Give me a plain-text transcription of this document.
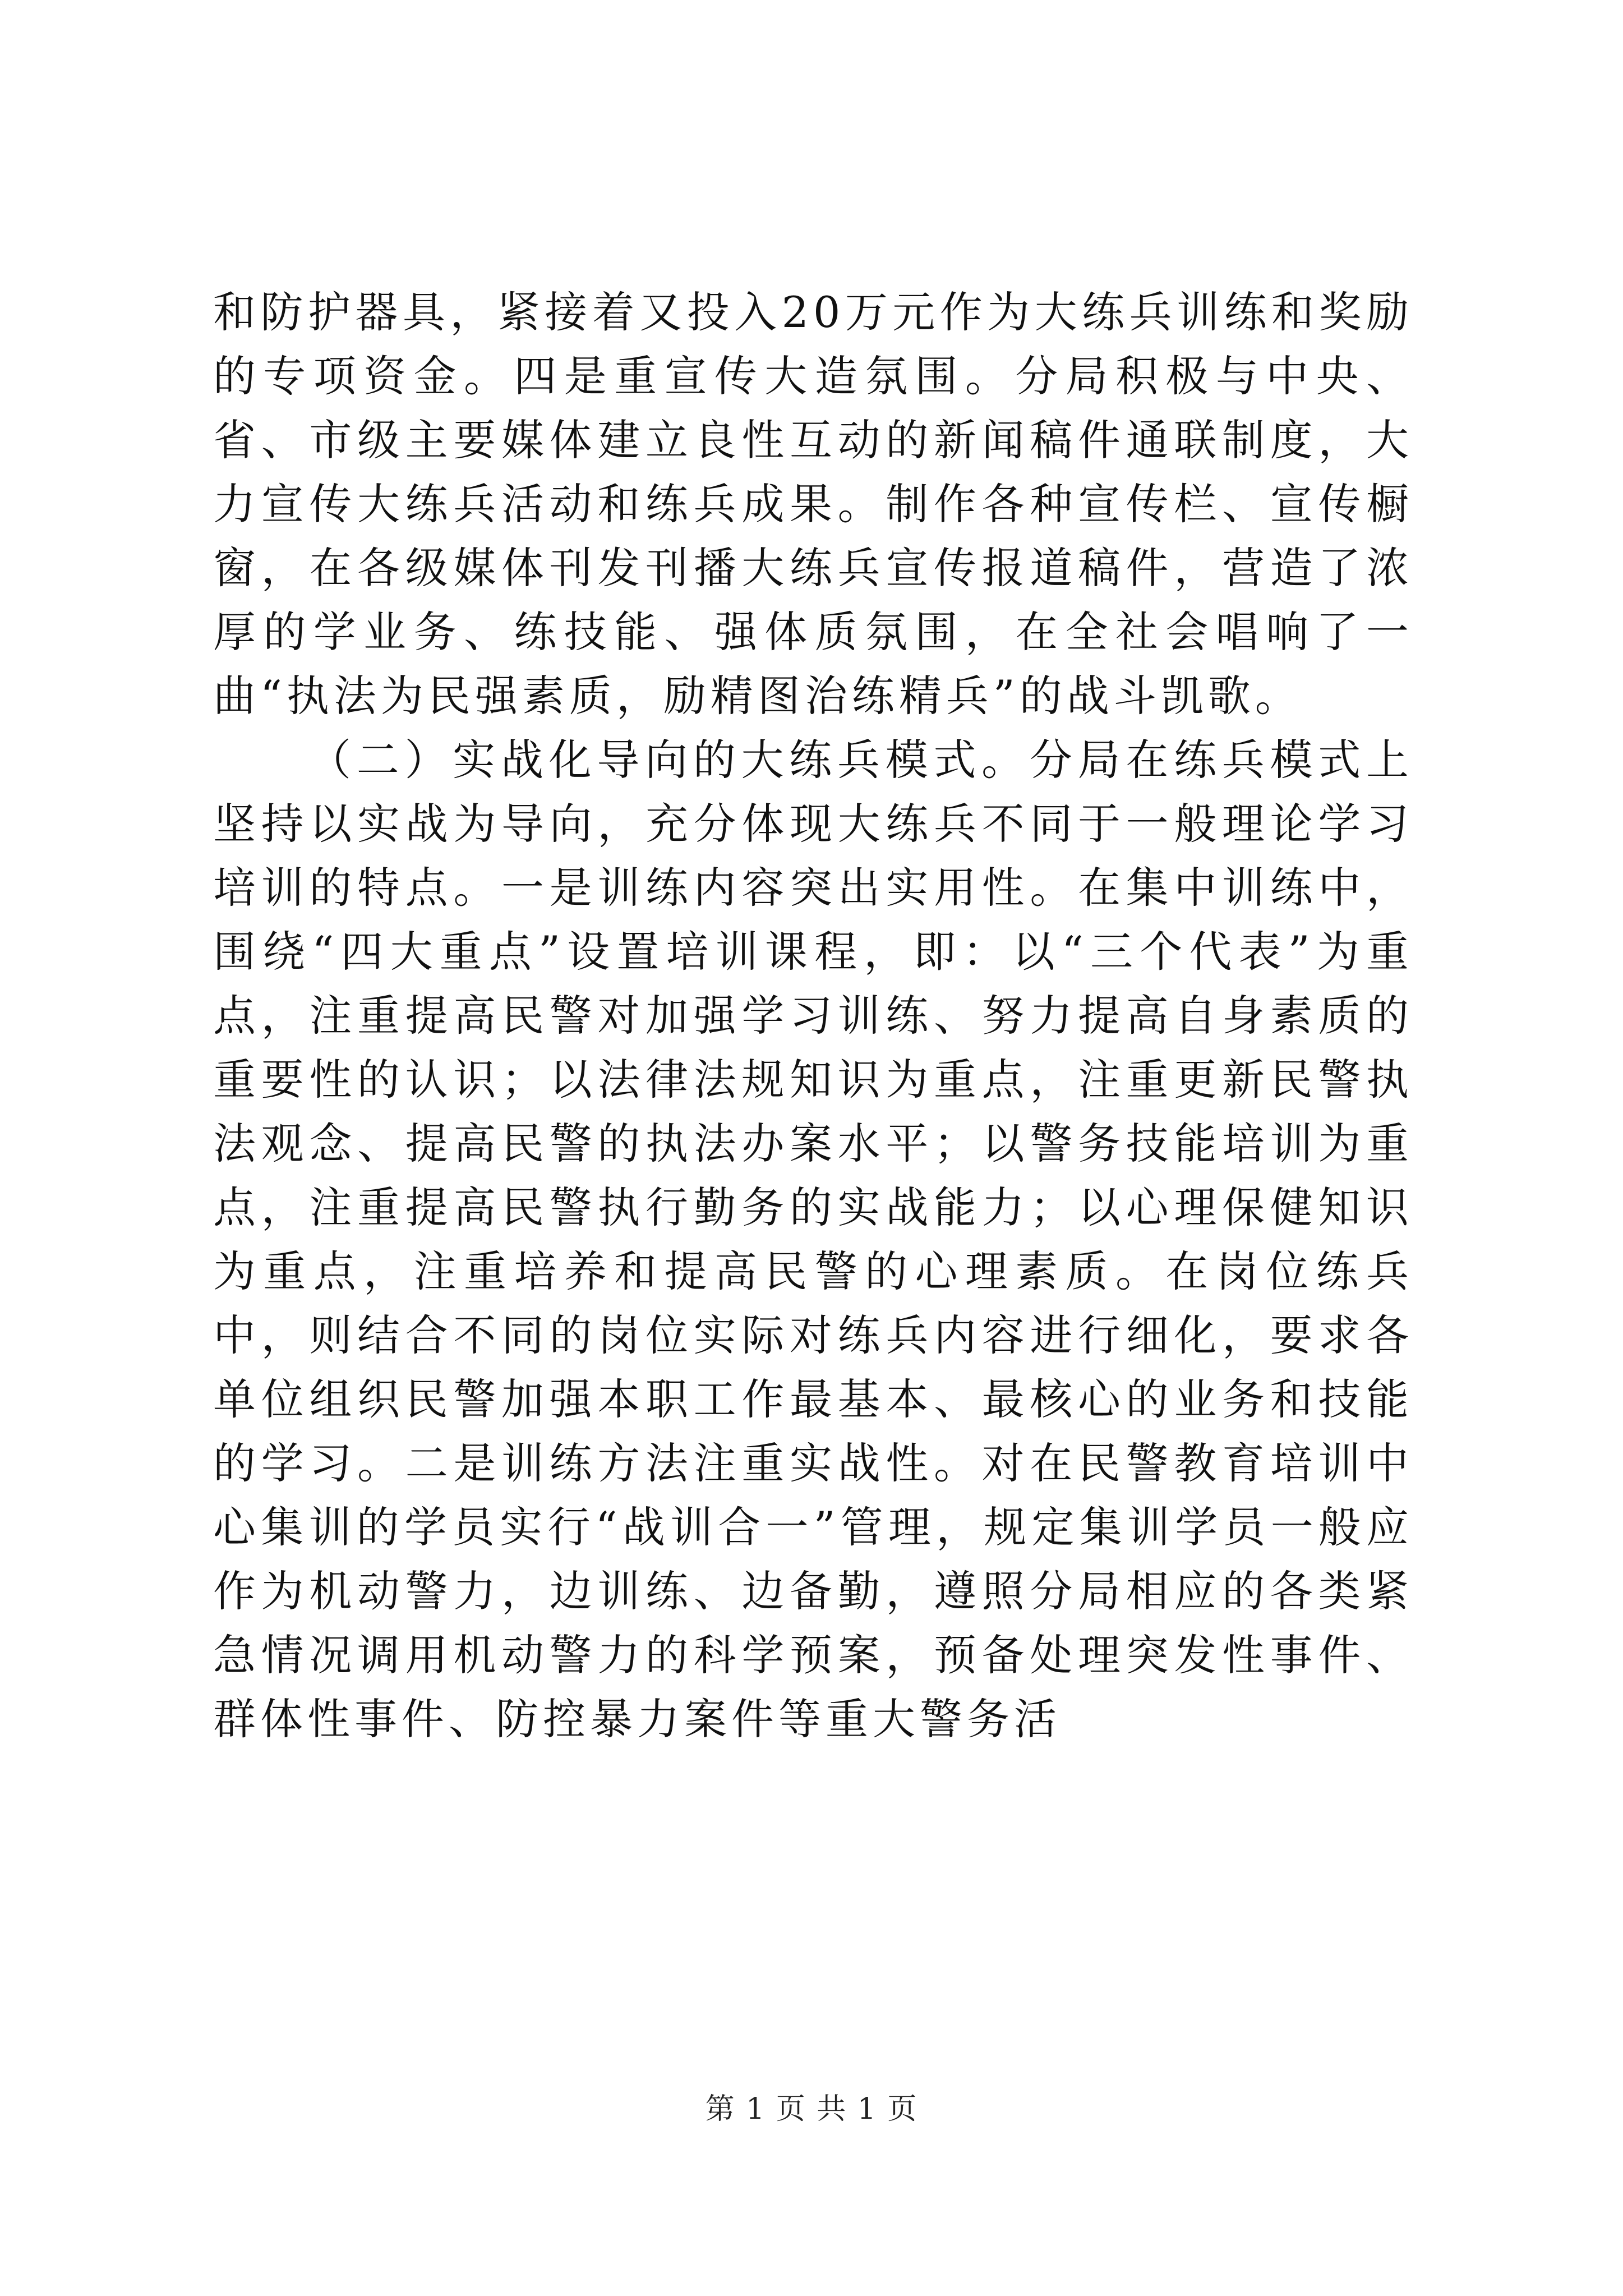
和防护器具，紧接着又投入20万元作为大练兵训练和奖励的专项资金。四是重宣传大造氛围。分局积极与中央、省、市级主要媒体建立良性互动的新闻稿件通联制度，大力宣传大练兵活动和练兵成果。制作各种宣传栏、宣传橱窗，在各级媒体刊发刊播大练兵宣传报道稿件，营造了浓厚的学业务、练技能、强体质氛围，在全社会唱响了一曲“执法为民强素质，励精图治练精兵”的战斗凯歌。

（二）实战化导向的大练兵模式。分局在练兵模式上坚持以实战为导向，充分体现大练兵不同于一般理论学习培训的特点。一是训练内容突出实用性。在集中训练中，围绕“四大重点”设置培训课程，即：以“三个代表”为重点，注重提高民警对加强学习训练、努力提高自身素质的重要性的认识；以法律法规知识为重点，注重更新民警执法观念、提高民警的执法办案水平；以警务技能培训为重点，注重提高民警执行勤务的实战能力；以心理保健知识为重点，注重培养和提高民警的心理素质。在岗位练兵中，则结合不同的岗位实际对练兵内容进行细化，要求各单位组织民警加强本职工作最基本、最核心的业务和技能的学习。二是训练方法注重实战性。对在民警教育培训中心集训的学员实行“战训合一”管理，规定集训学员一般应作为机动警力，边训练、边备勤，遵照分局相应的各类紧急情况调用机动警力的科学预案，预备处理突发性事件、群体性事件、防控暴力案件等重大警务活

第 1 页 共 1 页
